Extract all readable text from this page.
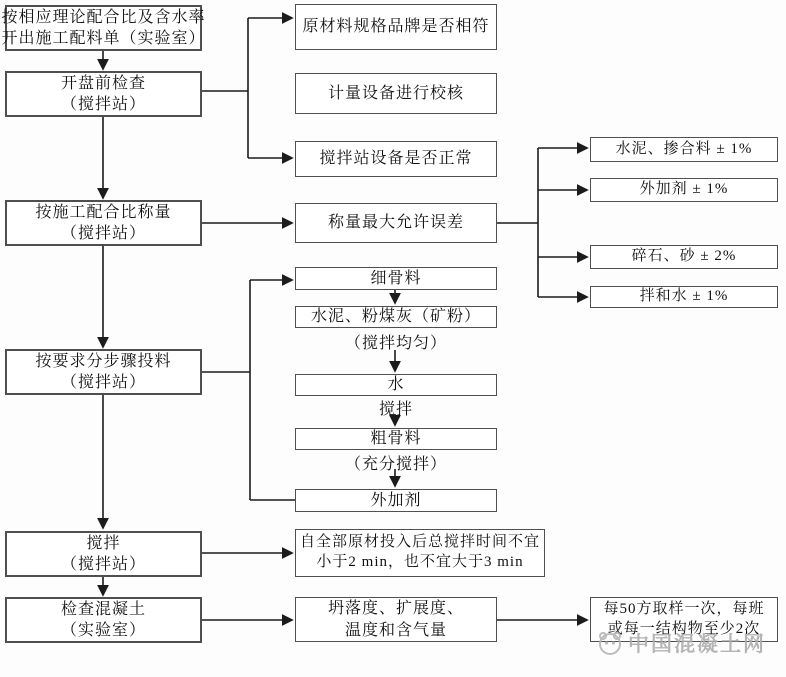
按相应理论配合比及含水率
开出施工配料单（实验室）
开盘前检查
（搅拌站）
按施工配合比称量
（搅拌站）
按要求分步骤投料
（搅拌站）
搅拌
（搅拌站）
检查混凝土
（实验室）
原材料规格品牌是否相符
计量设备进行校核
搅拌站设备是否正常
称量最大允许误差
水泥、掺合料 ± 1%
外加剂 ± 1%
碎石、砂 ± 2%
拌和水 ± 1%
细骨料
水泥、粉煤灰（矿粉）
（搅拌均匀）
水
搅拌
粗骨料
（充分搅拌）
外加剂
自全部原材投入后总搅拌时间不宜
小于2 min，也不宜大于3 min
坍落度、扩展度、
温度和含气量
每50方取样一次，每班
或每一结构物至少2次
中国混凝土网
